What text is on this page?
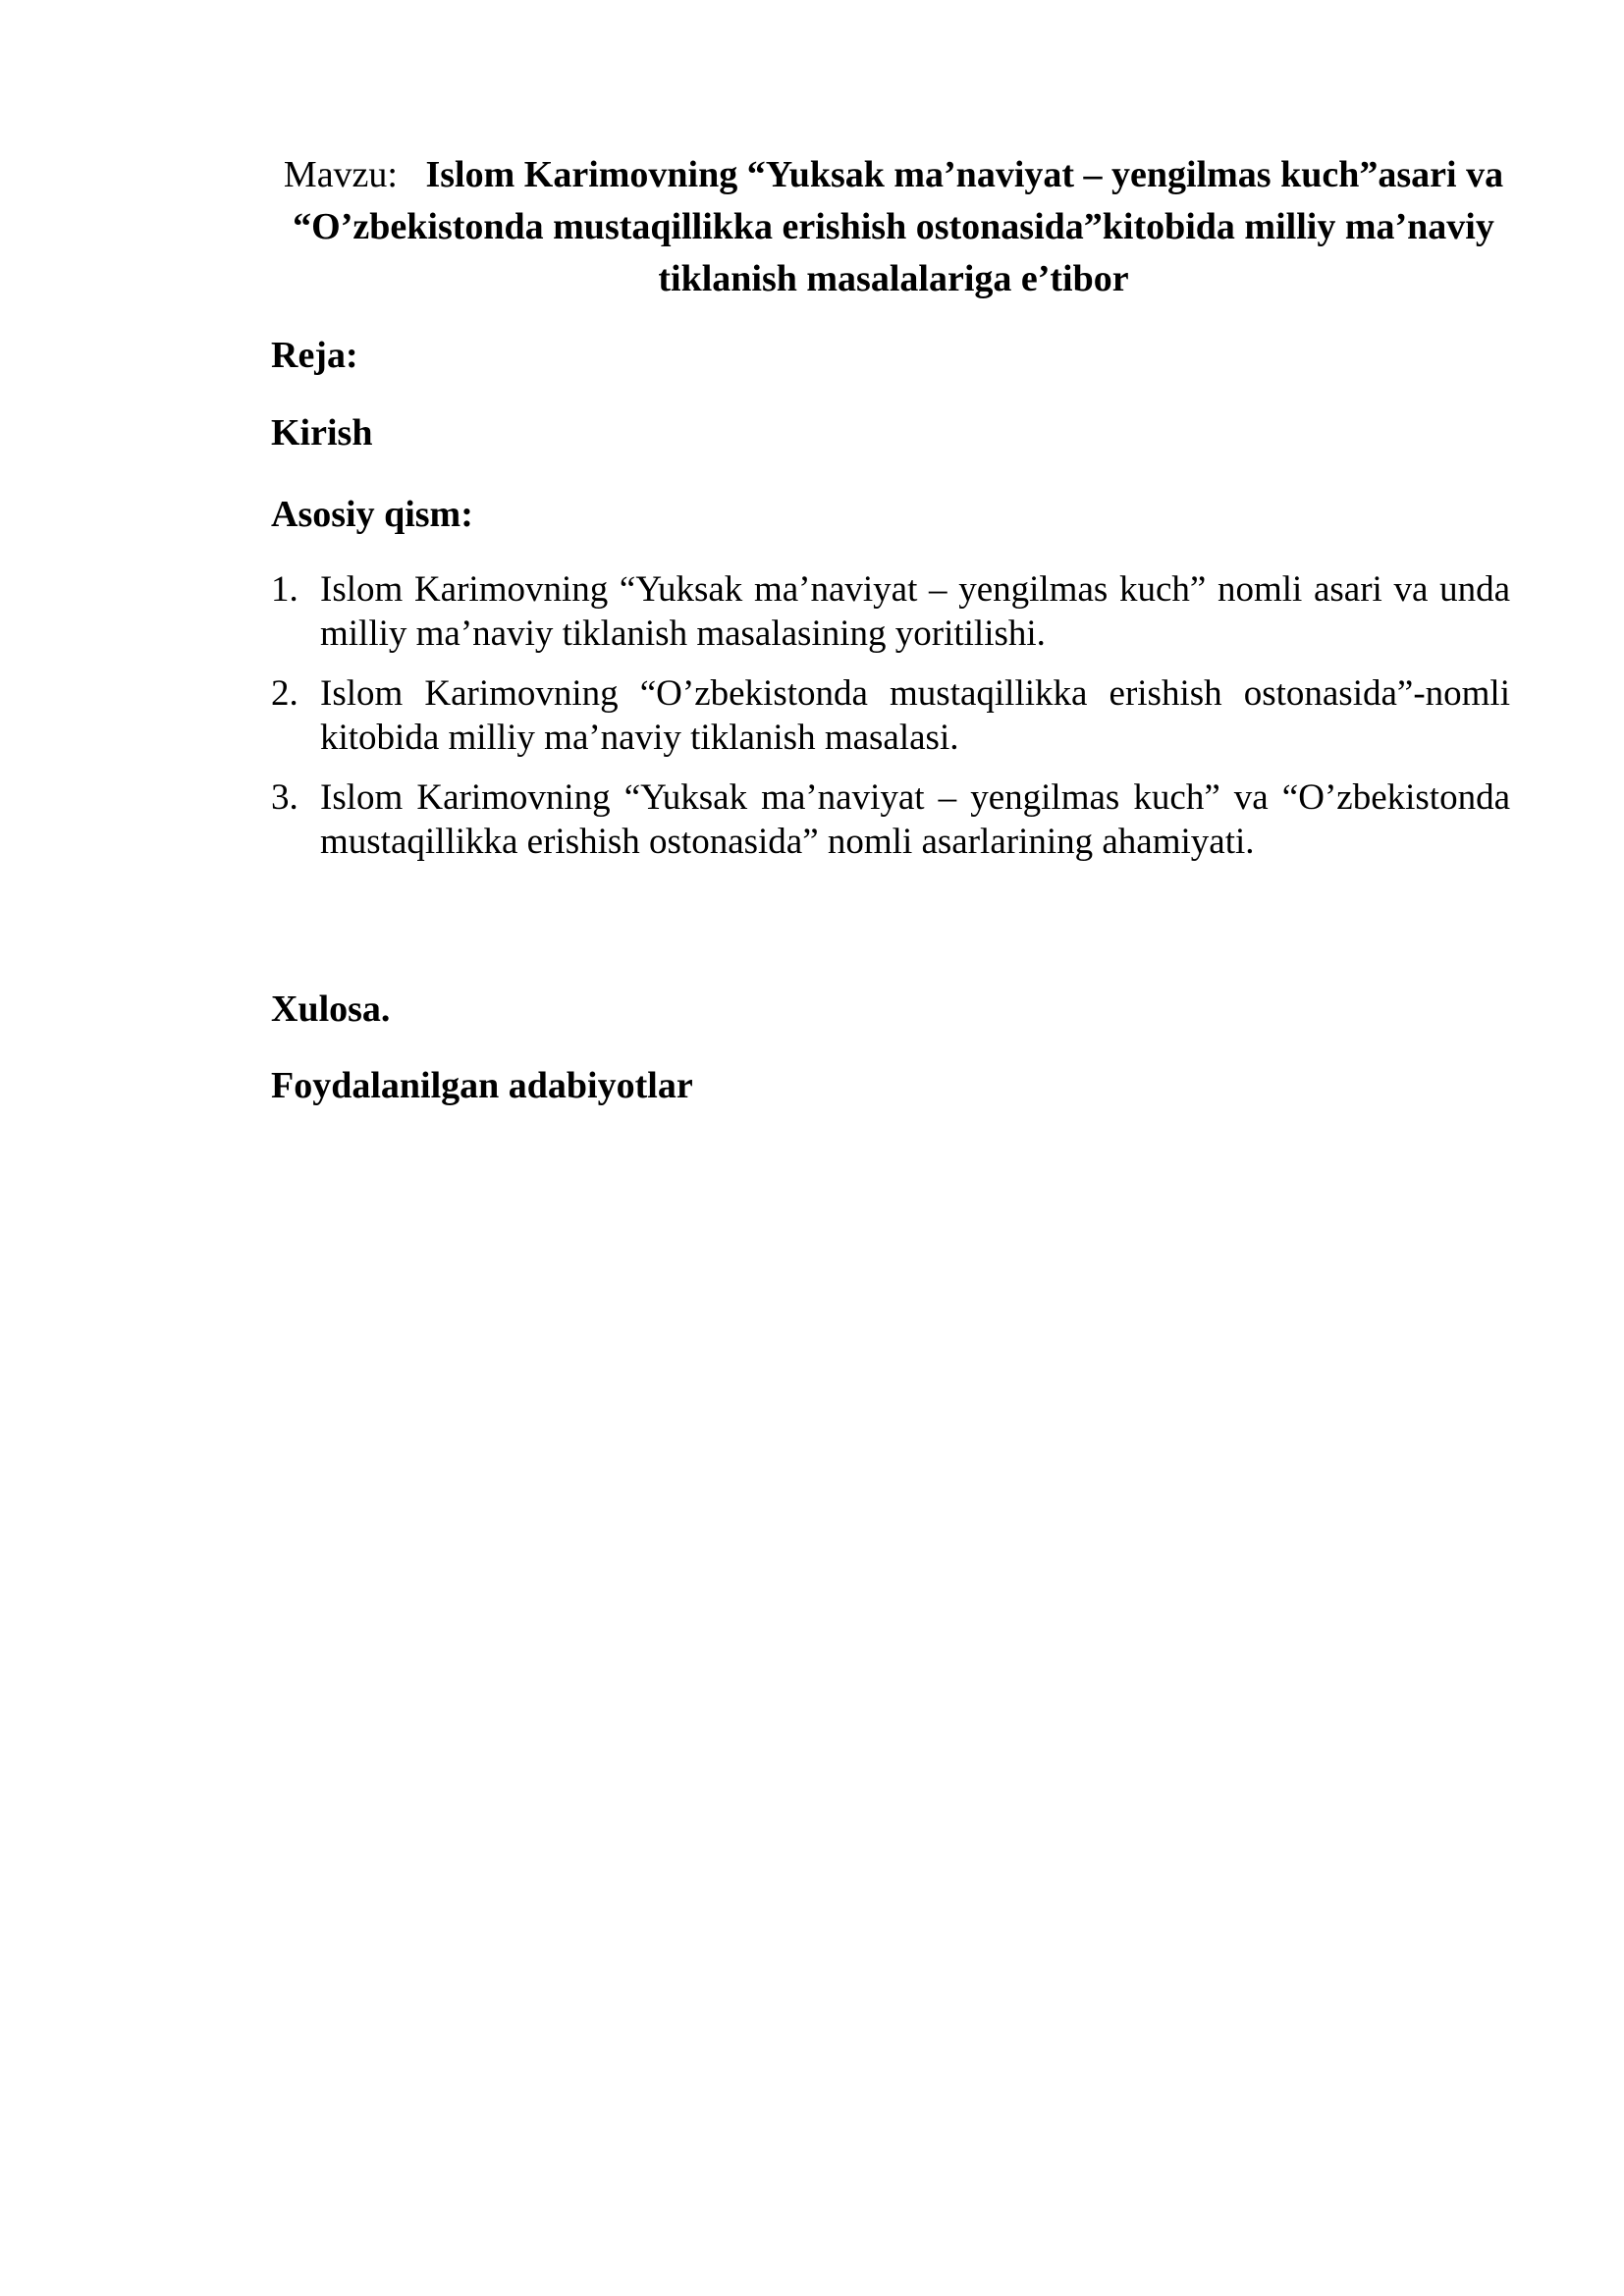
Mavzu: Islom Karimovning “Yuksak ma’naviyat – yengilmas kuch”asari va “O’zbekistonda mustaqillikka erishish ostonasida”kitobida milliy ma’naviy tiklanish masalalariga e’tibor

Reja:

Kirish

Asosiy qism:

1. Islom Karimovning “Yuksak ma’naviyat – yengilmas kuch” nomli asari va unda milliy ma’naviy tiklanish masalasining yoritilishi.
2. Islom Karimovning “O’zbekistonda mustaqillikka erishish ostonasida”-nomli kitobida milliy ma’naviy tiklanish masalasi.
3. Islom Karimovning “Yuksak ma’naviyat – yengilmas kuch” va “O’zbekistonda mustaqillikka erishish ostonasida” nomli asarlarining ahamiyati.

Xulosa.

Foydalanilgan adabiyotlar
